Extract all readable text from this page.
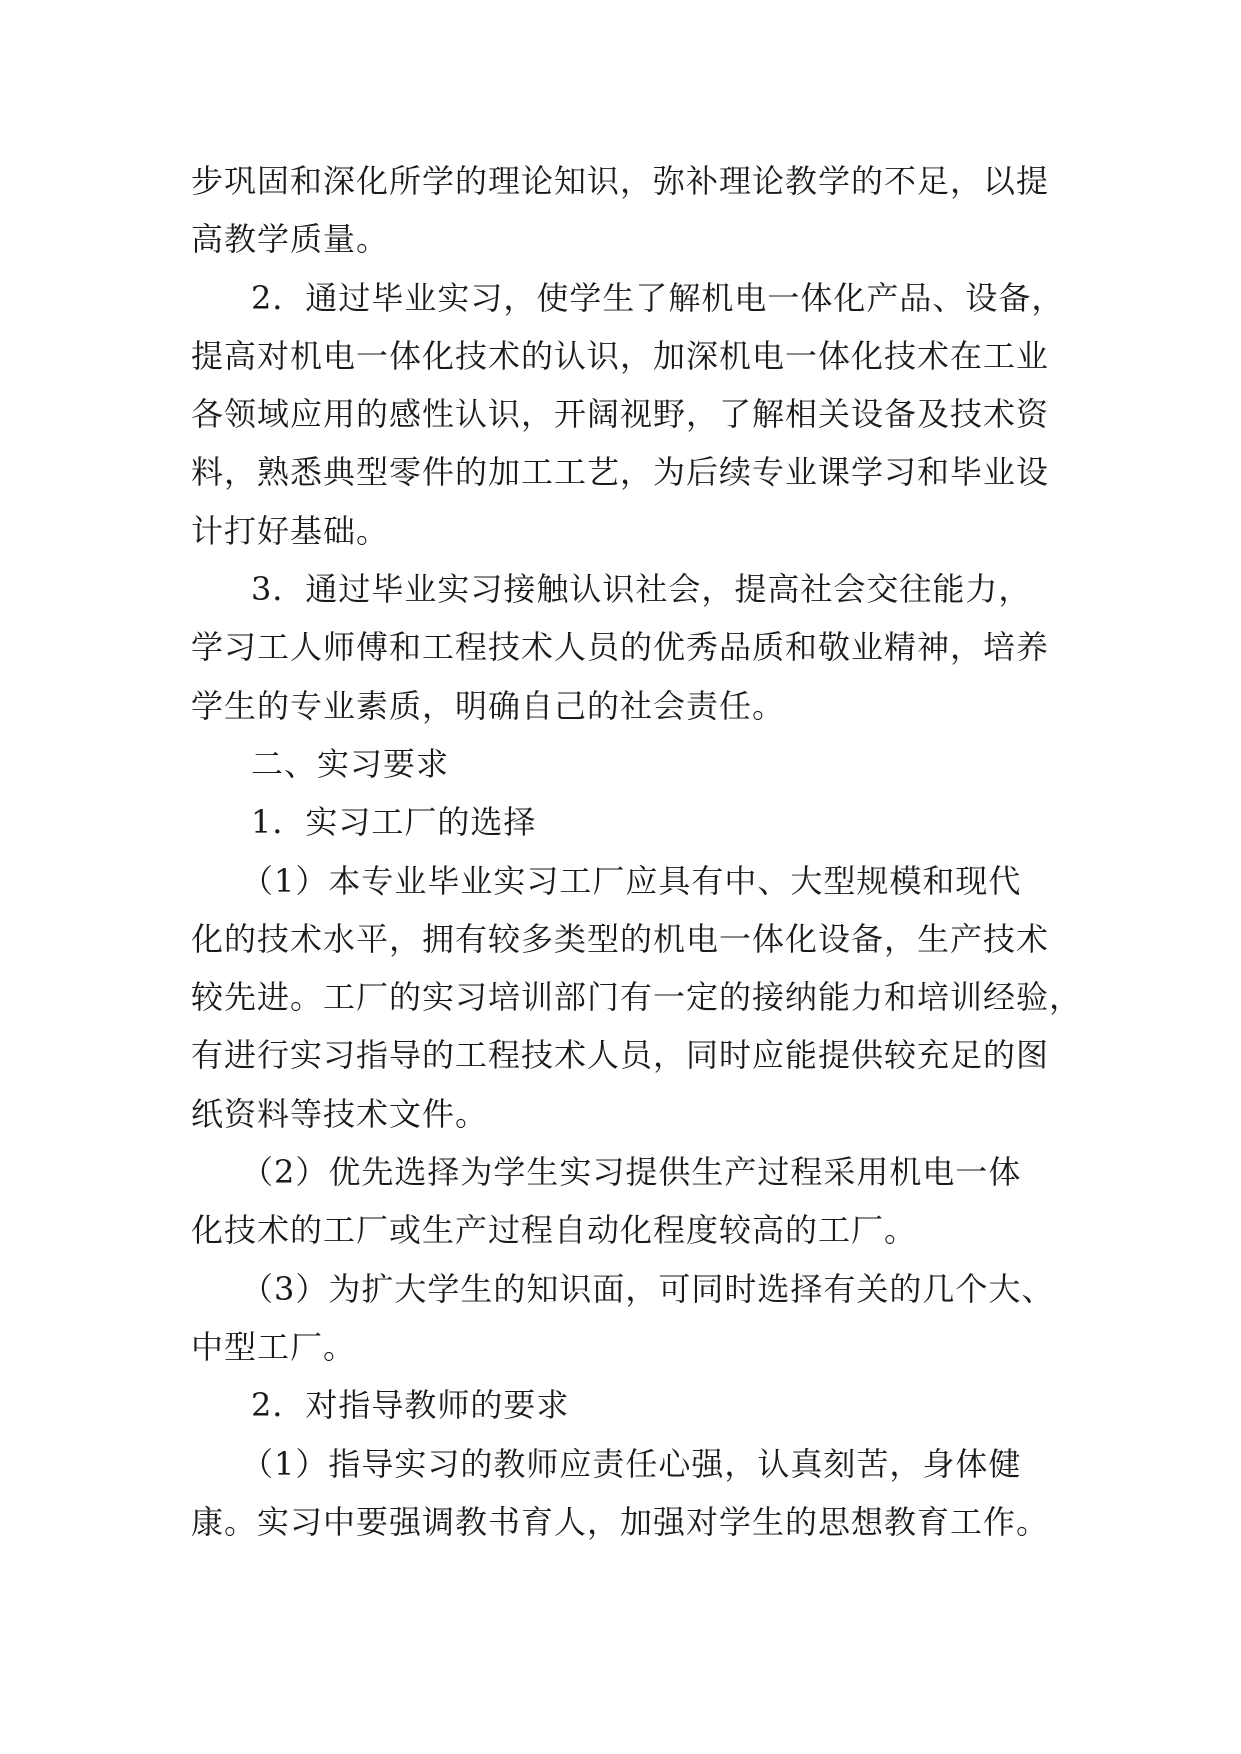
步巩固和深化所学的理论知识，弥补理论教学的不足，以提
高教学质量。
2．通过毕业实习，使学生了解机电一体化产品、设备，
提高对机电一体化技术的认识，加深机电一体化技术在工业
各领域应用的感性认识，开阔视野，了解相关设备及技术资
料，熟悉典型零件的加工工艺，为后续专业课学习和毕业设
计打好基础。
3．通过毕业实习接触认识社会，提高社会交往能力，
学习工人师傅和工程技术人员的优秀品质和敬业精神，培养
学生的专业素质，明确自己的社会责任。
二、实习要求
1．实习工厂的选择
（1）本专业毕业实习工厂应具有中、大型规模和现代
化的技术水平，拥有较多类型的机电一体化设备，生产技术
较先进。工厂的实习培训部门有一定的接纳能力和培训经验，
有进行实习指导的工程技术人员，同时应能提供较充足的图
纸资料等技术文件。
（2）优先选择为学生实习提供生产过程采用机电一体
化技术的工厂或生产过程自动化程度较高的工厂。
（3）为扩大学生的知识面，可同时选择有关的几个大、
中型工厂。
2．对指导教师的要求
（1）指导实习的教师应责任心强，认真刻苦，身体健
康。实习中要强调教书育人，加强对学生的思想教育工作。
